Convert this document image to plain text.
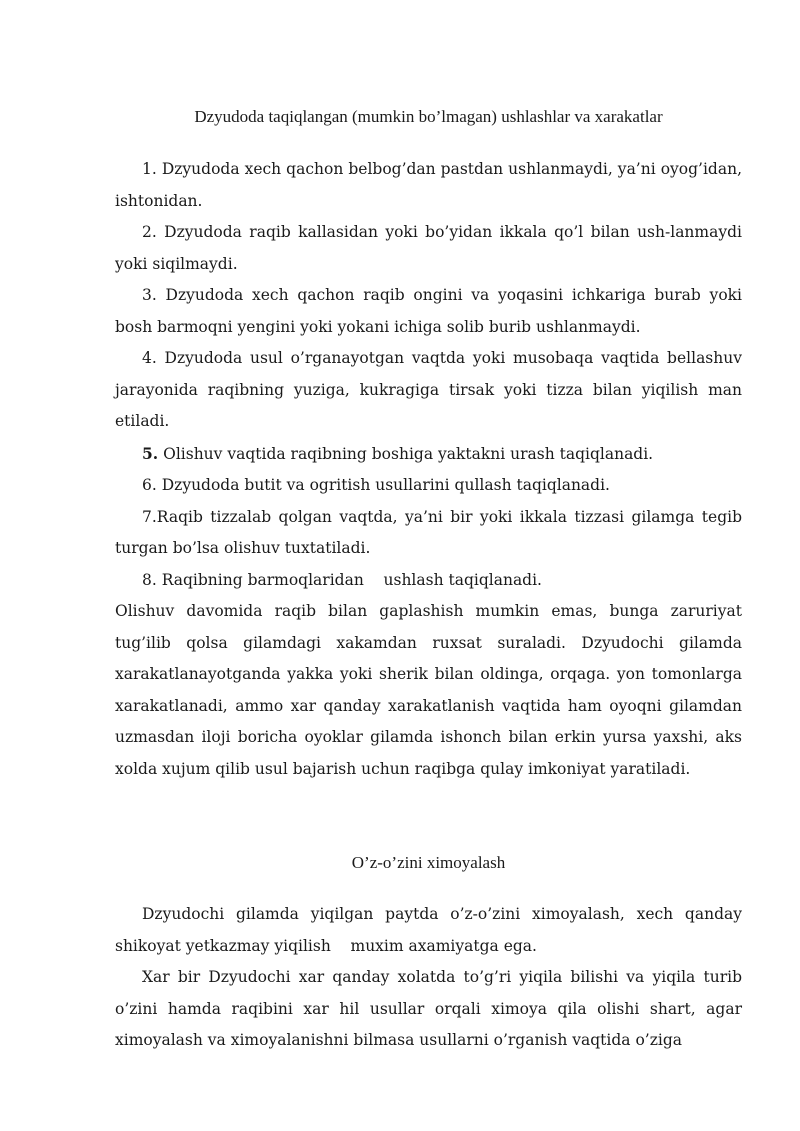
Dzyudoda taqiqlangan (mumkin bo’lmagan) ushlashlar va xarakatlar

1. Dzyudoda xech qachon belbog’dan pastdan ushlanmaydi, ya’ni oyog’idan, ishtonidan.

2. Dzyudoda raqib kallasidan yoki bo’yidan ikkala qo’l bilan ush-lanmaydi yoki siqilmaydi.

3. Dzyudoda xech qachon raqib ongini va yoqasini ichkariga burab yoki bosh barmoqni yengini yoki yokani ichiga solib burib ushlanmaydi.

4. Dzyudoda usul o’rganayotgan vaqtda yoki musobaqa vaqtida bellashuv jarayonida raqibning yuziga, kukragiga tirsak yoki tizza bilan yiqilish man etiladi.

5. Olishuv vaqtida raqibning boshiga yaktakni urash taqiqlanadi.

6. Dzyudoda butit va ogritish usullarini qullash taqiqlanadi.

7.Raqib tizzalab qolgan vaqtda, ya’ni bir yoki ikkala tizzasi gilamga tegib turgan bo’lsa olishuv tuxtatiladi.

8. Raqibning barmoqlaridan    ushlash taqiqlanadi.

Olishuv davomida raqib bilan gaplashish mumkin emas, bunga zaruriyat tug’ilib qolsa gilamdagi xakamdan ruxsat suraladi. Dzyudochi gilamda xarakatlanayotganda yakka yoki sherik bilan oldinga, orqaga. yon tomonlarga xarakatlanadi, ammo xar qanday xarakatlanish vaqtida ham oyoqni gilamdan uzmasdan iloji boricha oyoklar gilamda ishonch bilan erkin yursa yaxshi, aks xolda xujum qilib usul bajarish uchun raqibga qulay imkoniyat yaratiladi.

O’z-o’zini ximoyalash

Dzyudochi gilamda yiqilgan paytda o’z-o’zini ximoyalash, xech qanday shikoyat yetkazmay yiqilish    muxim axamiyatga ega.

Xar bir Dzyudochi xar qanday xolatda to’g’ri yiqila bilishi va yiqila turib o’zini hamda raqibini xar hil usullar orqali ximoya qila olishi shart, agar ximoyalash va ximoyalanishni bilmasa usullarni o’rganish vaqtida o’ziga
